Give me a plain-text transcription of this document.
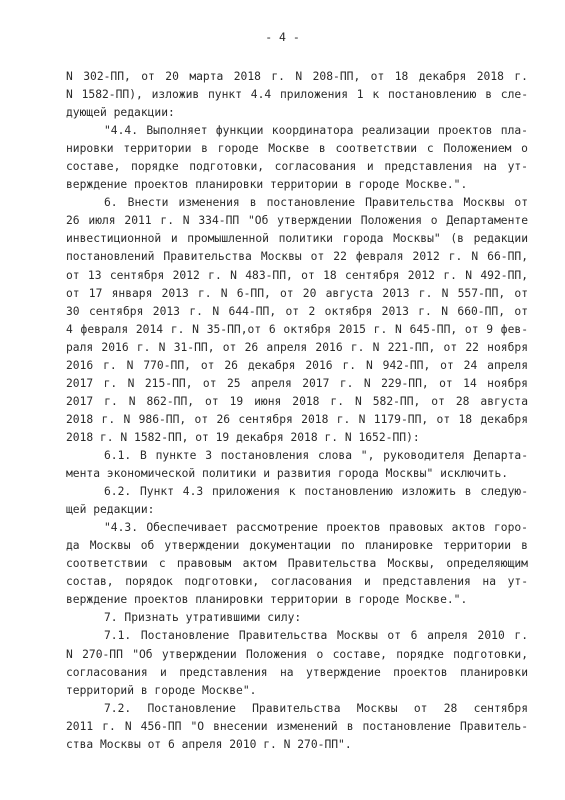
- 4 -
N 302-ПП, от 20 марта 2018 г. N 208-ПП, от 18 декабря 2018 г.
N 1582-ПП), изложив пункт 4.4 приложения 1 к постановлению в сле-
дующей редакции:
"4.4. Выполняет функции координатора реализации проектов пла-
нировки территории в городе Москве в соответствии с Положением о
составе, порядке подготовки, согласования и представления на ут-
верждение проектов планировки территории в городе Москве.".
6. Внести изменения в постановление Правительства Москвы от
26 июля 2011 г. N 334-ПП "Об утверждении Положения о Департаменте
инвестиционной и промышленной политики города Москвы" (в редакции
постановлений Правительства Москвы от 22 февраля 2012 г. N 66-ПП,
от 13 сентября 2012 г. N 483-ПП, от 18 сентября 2012 г. N 492-ПП,
от 17 января 2013 г. N 6-ПП, от 20 августа 2013 г. N 557-ПП, от
30 сентября 2013 г. N 644-ПП, от 2 октября 2013 г. N 660-ПП, от
4 февраля 2014 г. N 35-ПП,от 6 октября 2015 г. N 645-ПП, от 9 фев-
раля 2016 г. N 31-ПП, от 26 апреля 2016 г. N 221-ПП, от 22 ноября
2016 г. N 770-ПП, от 26 декабря 2016 г. N 942-ПП, от 24 апреля
2017 г. N 215-ПП, от 25 апреля 2017 г. N 229-ПП, от 14 ноября
2017 г. N 862-ПП, от 19 июня 2018 г. N 582-ПП, от 28 августа
2018 г. N 986-ПП, от 26 сентября 2018 г. N 1179-ПП, от 18 декабря
2018 г. N 1582-ПП, от 19 декабря 2018 г. N 1652-ПП):
6.1. В пункте 3 постановления слова ", руководителя Департа-
мента экономической политики и развития города Москвы" исключить.
6.2. Пункт 4.3 приложения к постановлению изложить в следую-
щей редакции:
"4.3. Обеспечивает рассмотрение проектов правовых актов горо-
да Москвы об утверждении документации по планировке территории в
соответствии с правовым актом Правительства Москвы, определяющим
состав, порядок подготовки, согласования и представления на ут-
верждение проектов планировки территории в городе Москве.".
7. Признать утратившими силу:
7.1. Постановление Правительства Москвы от 6 апреля 2010 г.
N 270-ПП "Об утверждении Положения о составе, порядке подготовки,
согласования и представления на утверждение проектов планировки
территорий в городе Москве".
7.2. Постановление Правительства Москвы от 28 сентября
2011 г. N 456-ПП "О внесении изменений в постановление Правитель-
ства Москвы от 6 апреля 2010 г. N 270-ПП".
